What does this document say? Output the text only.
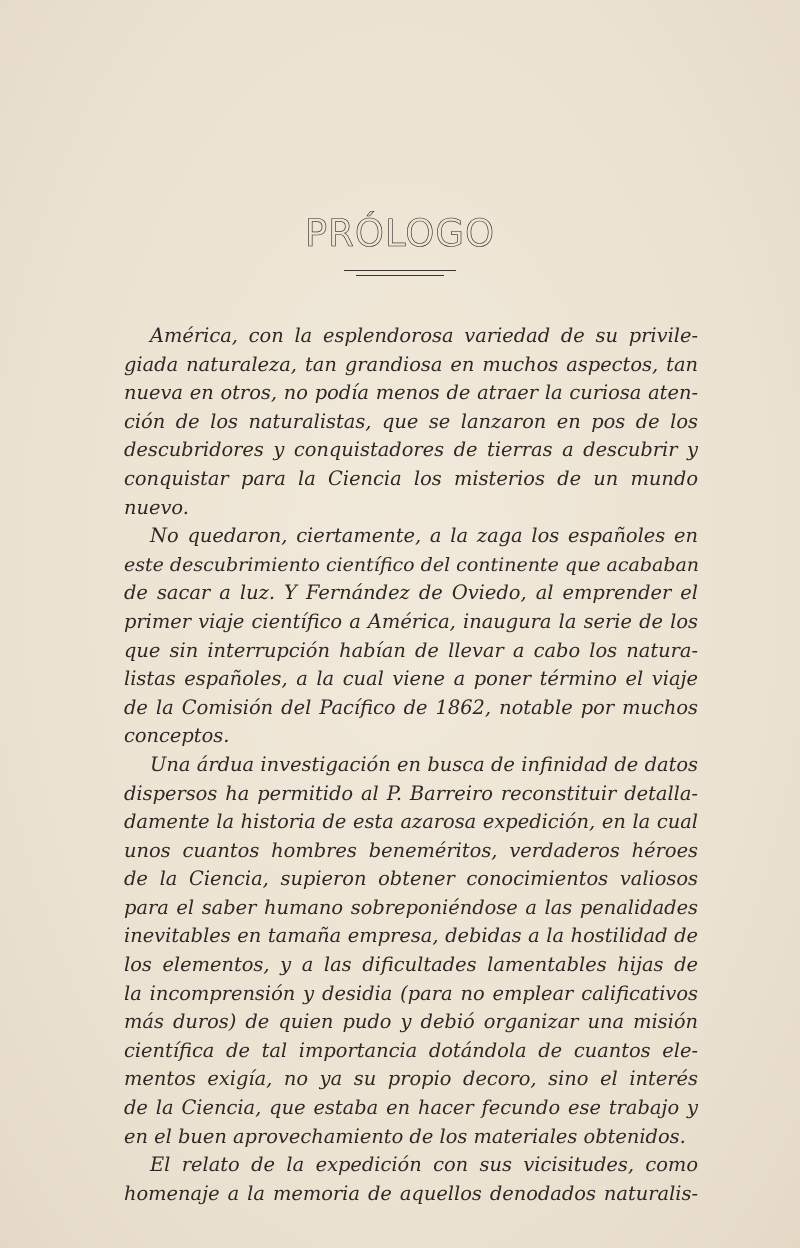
PRÓLOGO
América, con la esplendorosa variedad de su privile-
giada naturaleza, tan grandiosa en muchos aspectos, tan
nueva en otros, no podía menos de atraer la curiosa aten-
ción de los naturalistas, que se lanzaron en pos de los
descubridores y conquistadores de tierras a descubrir y
conquistar para la Ciencia los misterios de un mundo
nuevo.
No quedaron, ciertamente, a la zaga los españoles en
este descubrimiento científico del continente que acababan
de sacar a luz. Y Fernández de Oviedo, al emprender el
primer viaje científico a América, inaugura la serie de los
que sin interrupción habían de llevar a cabo los natura-
listas españoles, a la cual viene a poner término el viaje
de la Comisión del Pacífico de 1862, notable por muchos
conceptos.
Una árdua investigación en busca de infinidad de datos
dispersos ha permitido al P. Barreiro reconstituir detalla-
damente la historia de esta azarosa expedición, en la cual
unos cuantos hombres beneméritos, verdaderos héroes
de la Ciencia, supieron obtener conocimientos valiosos
para el saber humano sobreponiéndose a las penalidades
inevitables en tamaña empresa, debidas a la hostilidad de
los elementos, y a las dificultades lamentables hijas de
la incomprensión y desidia (para no emplear calificativos
más duros) de quien pudo y debió organizar una misión
científica de tal importancia dotándola de cuantos ele-
mentos exigía, no ya su propio decoro, sino el interés
de la Ciencia, que estaba en hacer fecundo ese trabajo y
en el buen aprovechamiento de los materiales obtenidos.
El relato de la expedición con sus vicisitudes, como
homenaje a la memoria de aquellos denodados naturalis-
